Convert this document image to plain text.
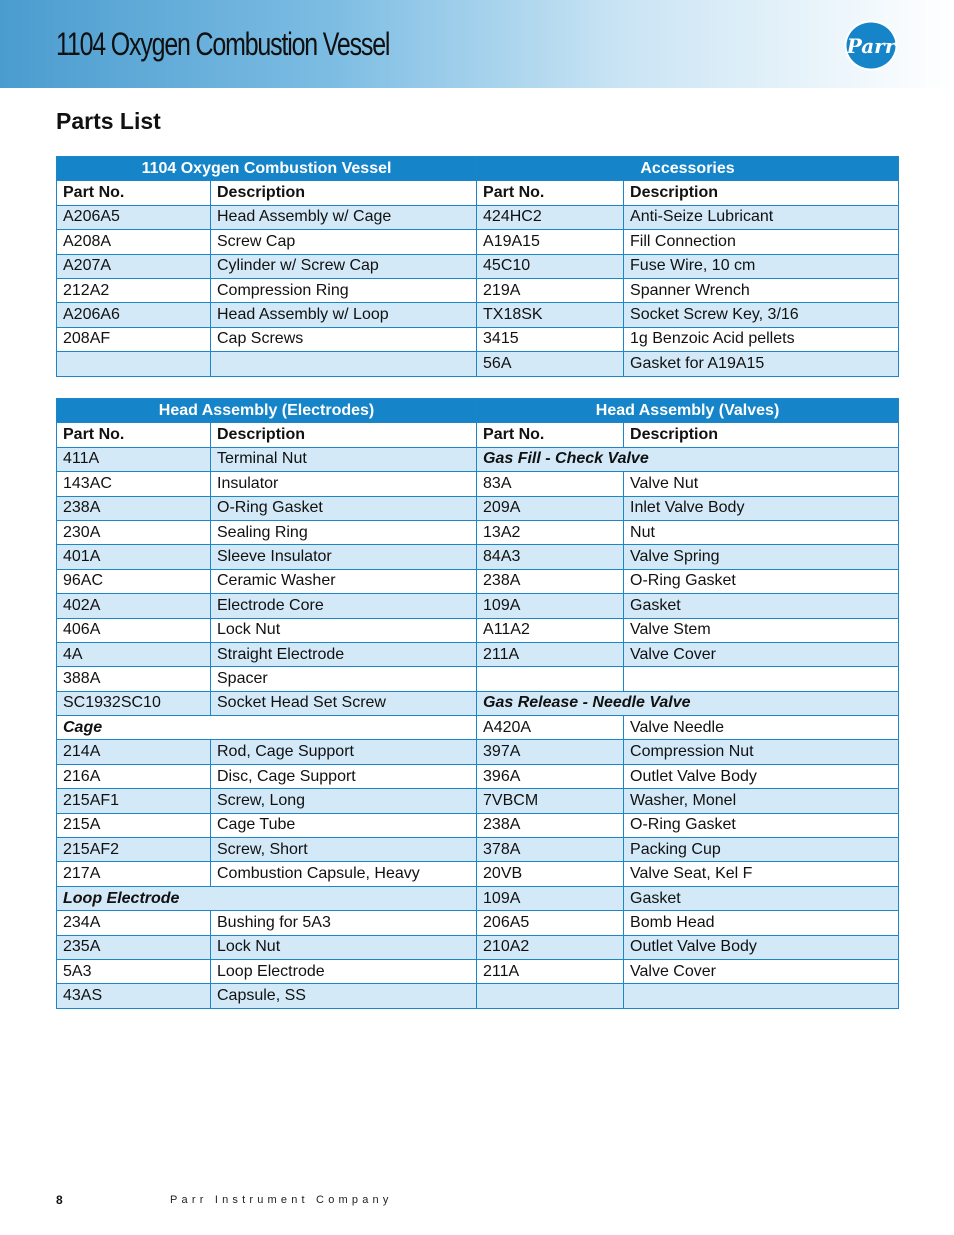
1104 Oxygen Combustion Vessel	Parr
Parts List
1104 Oxygen Combustion Vessel		Accessories	
Part No.	Description	Part No.	Description
A206A5	Head Assembly w/ Cage	424HC2	Anti-Seize Lubricant
A208A	Screw Cap	A19A15	Fill Connection
A207A	Cylinder w/ Screw Cap	45C10	Fuse Wire, 10 cm
212A2	Compression Ring	219A	Spanner Wrench
A206A6	Head Assembly w/ Loop	TX18SK	Socket Screw Key, 3/16
208AF	Cap Screws	3415	1g Benzoic Acid pellets
		56A	Gasket for A19A15
Head Assembly (Electrodes)		Head Assembly (Valves)	
Part No.	Description	Part No.	Description
411A	Terminal Nut	Gas Fill - Check Valve	
143AC	Insulator	83A	Valve Nut
238A	O-Ring Gasket	209A	Inlet Valve Body
230A	Sealing Ring	13A2	Nut
401A	Sleeve Insulator	84A3	Valve Spring
96AC	Ceramic Washer	238A	O-Ring Gasket
402A	Electrode Core	109A	Gasket
406A	Lock Nut	A11A2	Valve Stem
4A	Straight Electrode	211A	Valve Cover
388A	Spacer		
SC1932SC10	Socket Head Set Screw	Gas Release - Needle Valve	
Cage		A420A	Valve Needle
214A	Rod, Cage Support	397A	Compression Nut
216A	Disc, Cage Support	396A	Outlet Valve Body
215AF1	Screw, Long	7VBCM	Washer, Monel
215A	Cage Tube	238A	O-Ring Gasket
215AF2	Screw, Short	378A	Packing Cup
217A	Combustion Capsule, Heavy	20VB	Valve Seat, Kel F
Loop Electrode		109A	Gasket
234A	Bushing for 5A3	206A5	Bomb Head
235A	Lock Nut	210A2	Outlet Valve Body
5A3	Loop Electrode	211A	Valve Cover
43AS	Capsule, SS		
8	Parr Instrument Company
